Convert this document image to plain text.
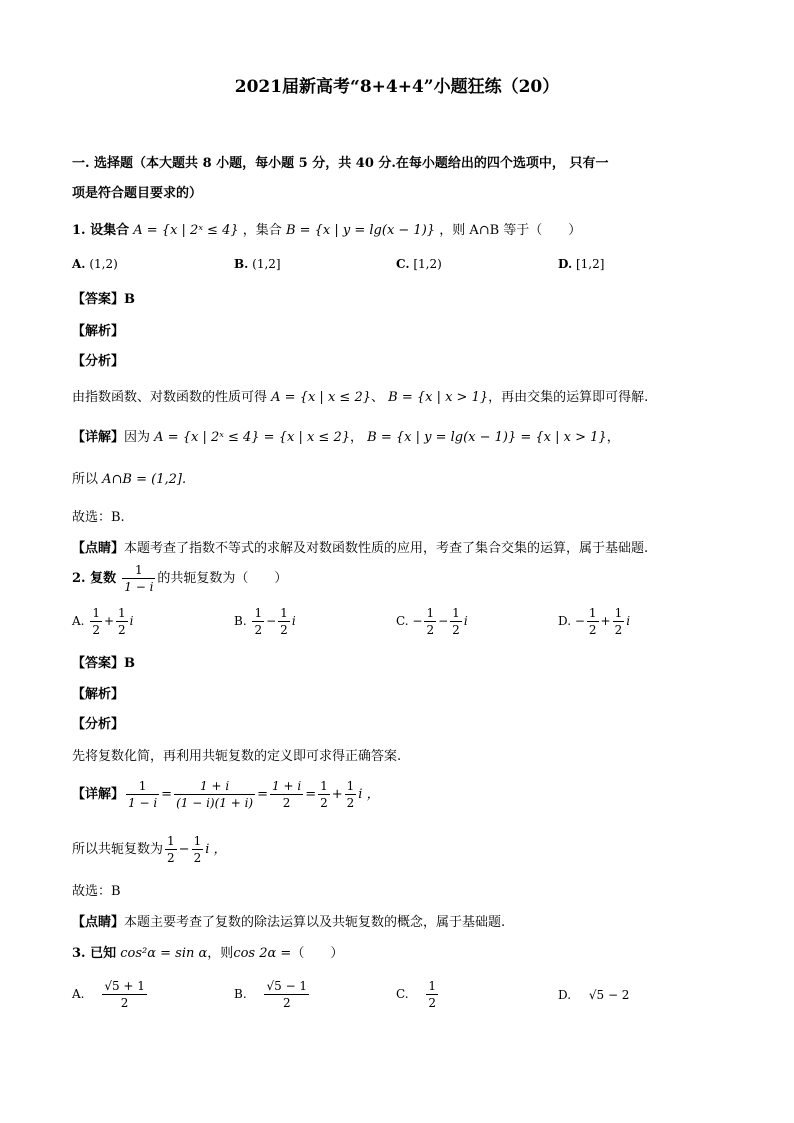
2021届新高考“8+4+4”小题狂练（20）
一. 选择题（本大题共 8 小题，每小题 5 分，共 40 分.在每小题给出的四个选项中， 只有一
项是符合题目要求的）
1. 设集合 A = {x | 2ˣ ≤ 4} ，集合 B = {x | y = lg(x − 1)} ，则 A∩B 等于（　　）
A. (1,2)	B. (1,2]	C. [1,2)	D. [1,2]
【答案】B
【解析】
【分析】
由指数函数、对数函数的性质可得 A = {x | x ≤ 2}、 B = {x | x > 1}，再由交集的运算即可得解.
【详解】因为 A = {x | 2ˣ ≤ 4} = {x | x ≤ 2}， B = {x | y = lg(x − 1)} = {x | x > 1}，
所以 A∩B = (1,2].
故选：B.
【点睛】本题考查了指数不等式的求解及对数函数性质的应用，考查了集合交集的运算，属于基础题.
2. 复数 $\frac{1}{1 - i}$ 的共轭复数为（　　）
A. $\frac{1}{2} + \frac{1}{2}$ i	B. $\frac{1}{2} - \frac{1}{2}$ i	C. − $\frac{1}{2} - \frac{1}{2}$ i	D. − $\frac{1}{2} + \frac{1}{2}$ i
【答案】B
【解析】
【分析】
先将复数化简，再利用共轭复数的定义即可求得正确答案.
【详解】 $\frac{1}{1 - i} = \frac{1 + i}{(1 - i)(1 + i)} = \frac{1 + i}{2} = \frac{1}{2} + \frac{1}{2}$ i ，
所以共轭复数为 $\frac{1}{2} - \frac{1}{2}$ i ，
故选：B
【点睛】本题主要考查了复数的除法运算以及共轭复数的概念，属于基础题.
3. 已知 cos²α = sin α，则cos 2α =（　　）
A. $\frac{√5 + 1}{2}$	B. $\frac{√5 - 1}{2}$	C. $\frac{1}{2}$	D. √5 − 2
